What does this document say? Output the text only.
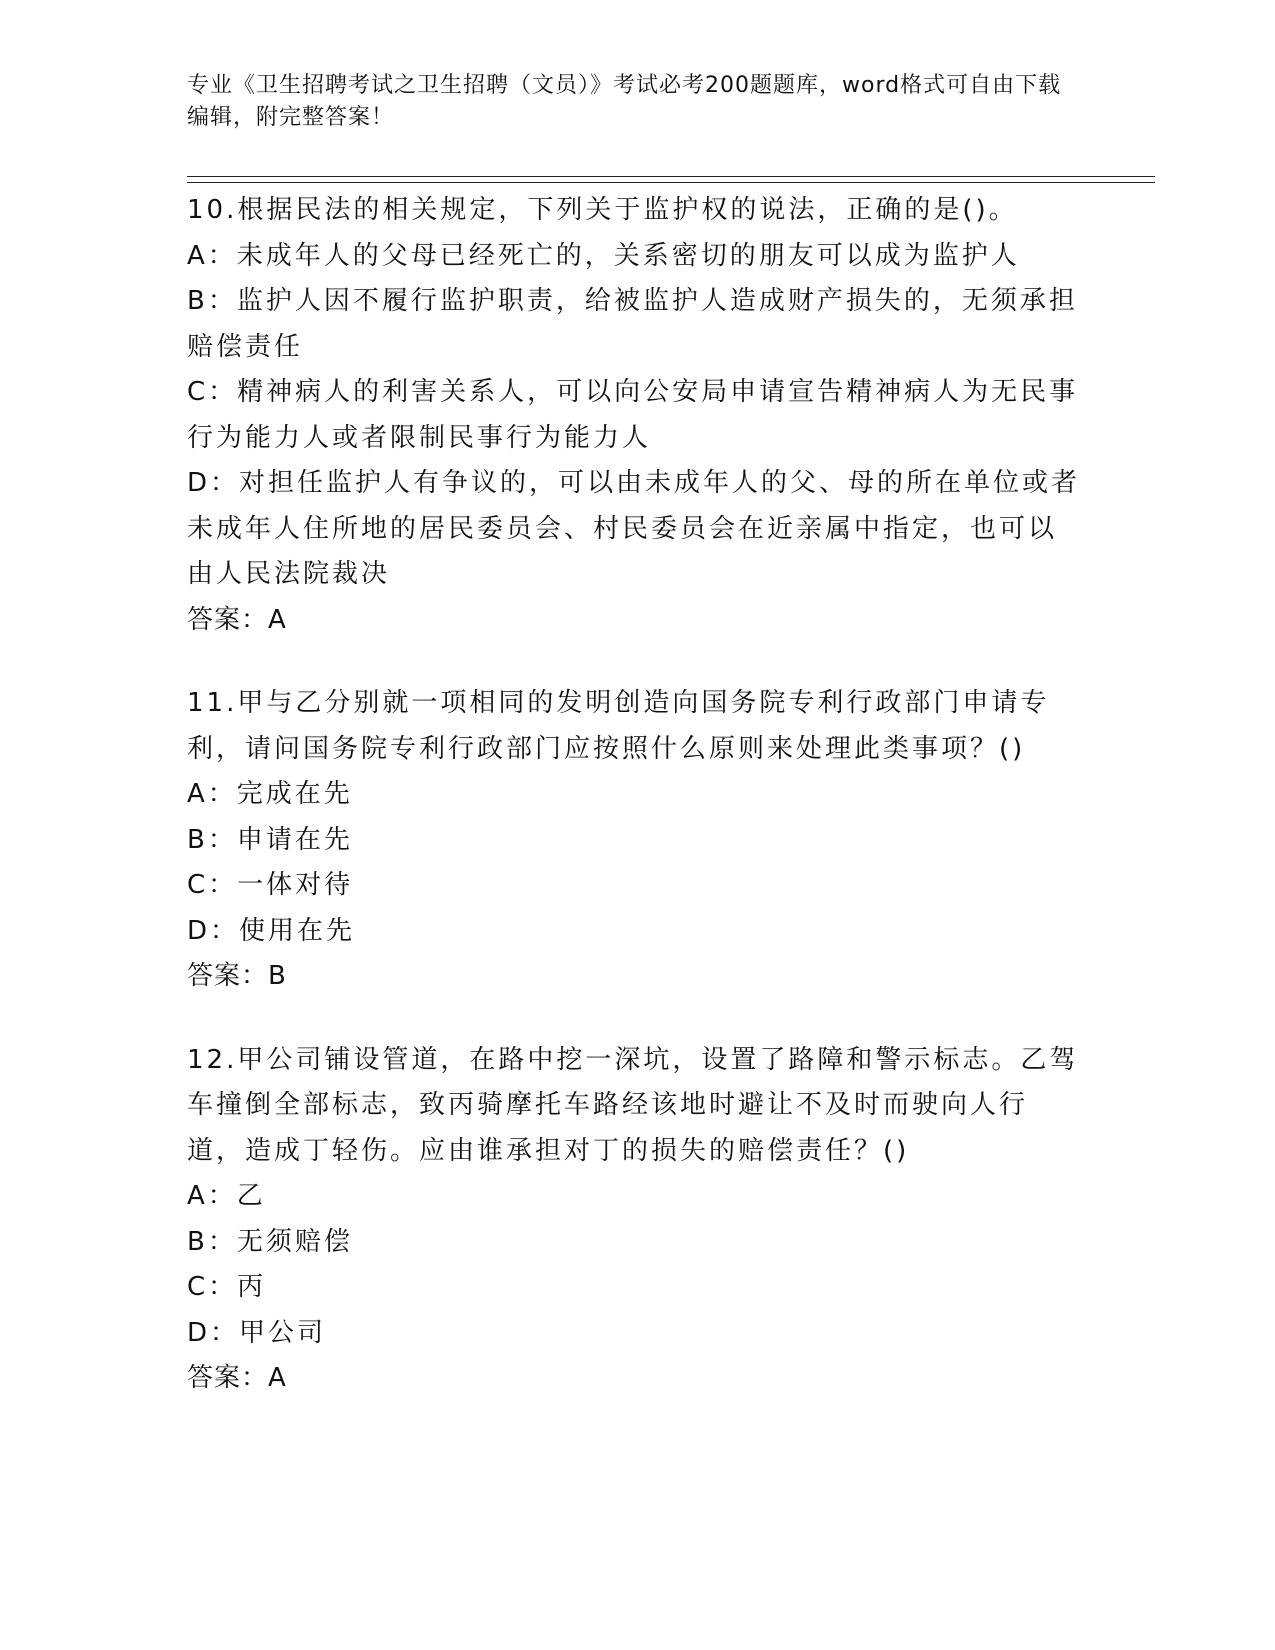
专业《卫生招聘考试之卫生招聘（文员）》考试必考200题题库，word格式可自由下载编辑，附完整答案！

10.根据民法的相关规定，下列关于监护权的说法，正确的是()。

A：未成年人的父母已经死亡的，关系密切的朋友可以成为监护人

B：监护人因不履行监护职责，给被监护人造成财产损失的，无须承担赔偿责任

C：精神病人的利害关系人，可以向公安局申请宣告精神病人为无民事行为能力人或者限制民事行为能力人

D：对担任监护人有争议的，可以由未成年人的父、母的所在单位或者未成年人住所地的居民委员会、村民委员会在近亲属中指定，也可以由人民法院裁决

答案：A

11.甲与乙分别就一项相同的发明创造向国务院专利行政部门申请专利，请问国务院专利行政部门应按照什么原则来处理此类事项？()

A：完成在先

B：申请在先

C：一体对待

D：使用在先

答案：B

12.甲公司铺设管道，在路中挖一深坑，设置了路障和警示标志。乙驾车撞倒全部标志，致丙骑摩托车路经该地时避让不及时而驶向人行道，造成丁轻伤。应由谁承担对丁的损失的赔偿责任？()

A：乙

B：无须赔偿

C：丙

D：甲公司

答案：A
